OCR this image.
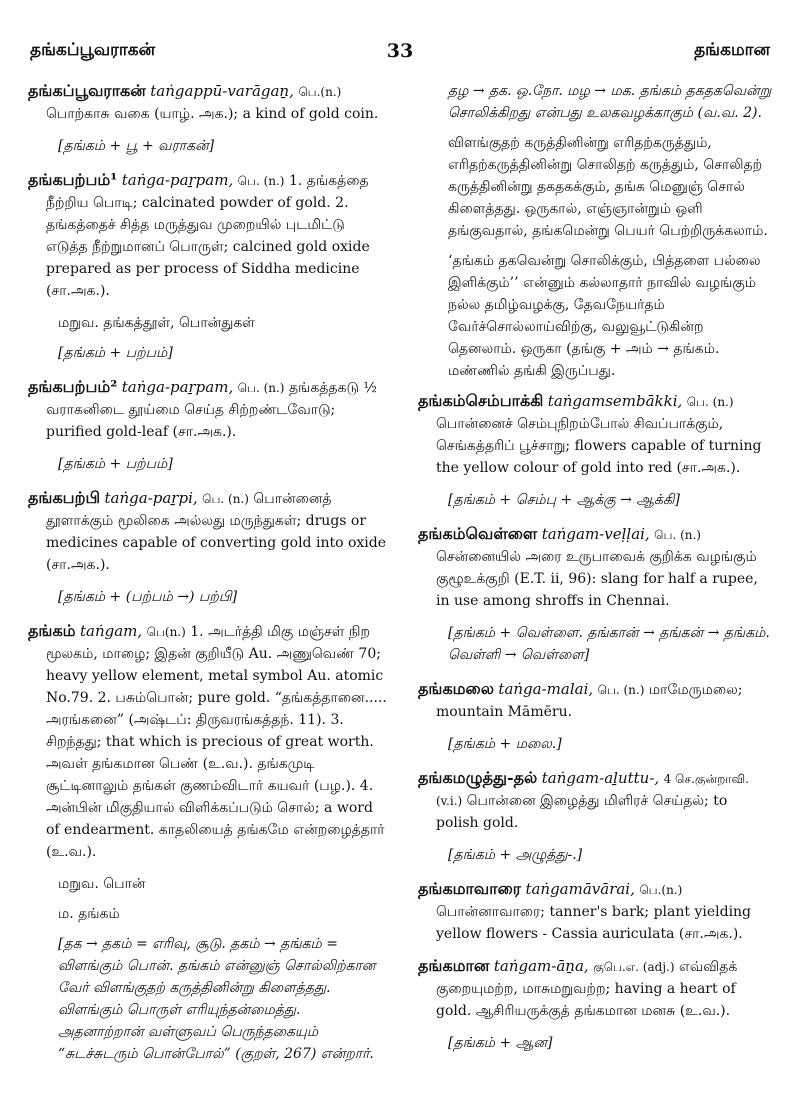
தங்கப்பூவராகன்	33	தங்கமான
தங்கப்பூவராகன் taṅgappū-varāgaṉ, பெ.(n.) பொற்காசு வகை (யாழ். அக.); a kind of gold coin.
[தங்கம் + பூ + வராகன்]
தங்கபற்பம்¹ taṅga-paṟpam, பெ. (n.) 1. தங்கத்தை நீற்றிய பொடி; calcinated powder of gold. 2. தங்கத்தைச் சித்த மருத்துவ முறையில் புடமிட்டு எடுத்த நீற்றுமானப் பொருள்; calcined gold oxide prepared as per process of Siddha medicine (சா.அக.).
மறுவ. தங்கத்தூள், பொன்துகள்
[தங்கம் + பற்பம்]
தங்கபற்பம்² taṅga-paṟpam, பெ. (n.) தங்கத்தகடு ½ வராகனிடை தூய்மை செய்த சிற்றண்டவோடு; purified gold-leaf (சா.அக.).
[தங்கம் + பற்பம்]
தங்கபற்பி taṅga-paṟpi, பெ. (n.) பொன்னைத் தூளாக்கும் மூலிகை அல்லது மருந்துகள்; drugs or medicines capable of converting gold into oxide (சா.அக.).
[தங்கம் + (பற்பம் →) பற்பி]
தங்கம் taṅgam, பெ(n.) 1. அடர்த்தி மிகு மஞ்சள் நிற மூலகம், மாழை; இதன் குறியீடு Au. அணுவெண் 70; heavy yellow element, metal symbol Au. atomic No.79. 2. பசும்பொன்; pure gold. “தங்கத்தானை..... அரங்கனை” (அஷ்டப்: திருவரங்கத்தந். 11). 3. சிறந்தது; that which is precious of great worth. அவள் தங்கமான பெண் (உ.வ.). தங்கமுடி சூட்டினாலும் தங்கள் குணம்விடார் கயவர் (பழ.). 4. அன்பின் மிகுதியால் விளிக்கப்படும் சொல்; a word of endearment. காதலியைத் தங்கமே என்றழைத்தார் (உ.வ.).
மறுவ. பொன்
ம. தங்கம்
[தக → தகம் = எரிவு, சூடு. தகம் → தங்கம் = விளங்கும் பொன். தங்கம் என்னுஞ் சொல்லிற்கான வேர் விளங்குதற் கருத்தினின்று கிளைத்தது. விளங்கும் பொருள் எரியுந்தன்மைத்து. அதனாற்றான் வள்ளுவப் பெருந்தகையும் “சுடச்சுடரும் பொன்போல்” (குறள், 267) என்றார்.
தழ → தக. ஒ.நோ. மழ → மக. தங்கம் தகதகவென்று சொலிக்கிறது என்பது உலகவழக்காகும் (வ.வ. 2).
விளங்குதற் கருத்தினின்று எரிதற்கருத்தும், எரிதற்கருத்தினின்று சொலிதற் கருத்தும், சொலிதற் கருத்தினின்று தகதகக்கும், தங்க மெனுஞ் சொல் கிளைத்தது. ஒருகால், எஞ்ஞான்றும் ஒளி தங்குவதால், தங்கமென்று பெயர் பெற்றிருக்கலாம்.
‘தங்கம் தகவென்று சொலிக்கும், பித்தளை பல்லை இளிக்கும்’’ என்னும் கல்லாதார் நாவில் வழங்கும் நல்ல தமிழ்வழக்கு, தேவநேயர்தம் வேர்ச்சொல்லாய்விற்கு, வலுவூட்டுகின்ற தெனலாம். ஒருகா (தங்கு + அம் → தங்கம். மண்ணில் தங்கி இருப்பது.
தங்கம்செம்பாக்கி taṅgamsembākki, பெ. (n.) பொன்னைச் செம்புநிறம்போல் சிவப்பாக்கும், செங்கத்தரிப் பூச்சாறு; flowers capable of turning the yellow colour of gold into red (சா.அக.).
[தங்கம் + செம்பு + ஆக்கு → ஆக்கி]
தங்கம்வெள்ளை taṅgam-veḷḷai, பெ. (n.) சென்னையில் அரை உருபாவைக் குறிக்க வழங்கும் குழூஉக்குறி (E.T. ii, 96): slang for half a rupee, in use among shroffs in Chennai.
[தங்கம் + வெள்ளை. தங்கான் → தங்கன் → தங்கம். வெள்ளி → வெள்ளை]
தங்கமலை taṅga-malai, பெ. (n.) மாமேருமலை; mountain Māmēru.
[தங்கம் + மலை.]
தங்கமழுத்து-தல் taṅgam-aḻuttu-, 4 செ.குன்றாவி. (v.i.) பொன்னை இழைத்து மிளிரச் செய்தல்; to polish gold.
[தங்கம் + அழுத்து-.]
தங்கமாவாரை taṅgamāvārai, பெ.(n.) பொன்னாவாரை; tanner's bark; plant yielding yellow flowers - Cassia auriculata (சா.அக.).
தங்கமான taṅgam-āṉa, குபெ.எ. (adj.) எவ்விதக் குறையுமற்ற, மாசுமறுவற்ற; having a heart of gold. ஆசிரியருக்குத் தங்கமான மனசு (உ.வ.).
[தங்கம் + ஆன]
